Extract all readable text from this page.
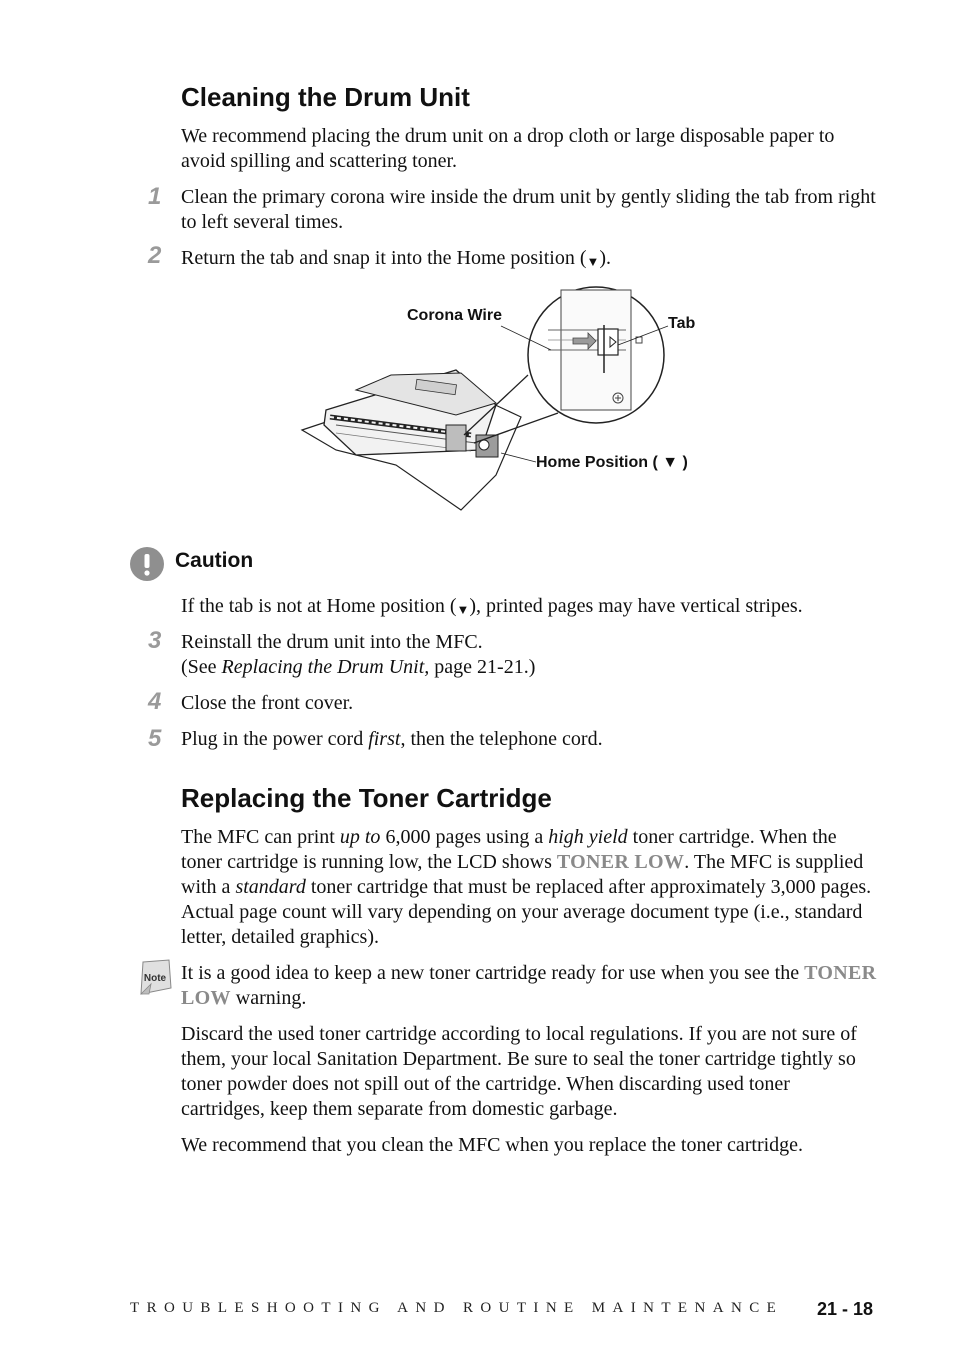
Cleaning the Drum Unit

We recommend placing the drum unit on a drop cloth or large disposable paper to avoid spilling and scattering toner.

1 Clean the primary corona wire inside the drum unit by gently sliding the tab from right to left several times.

2 Return the tab and snap it into the Home position (▼).

Corona Wire	Tab
Home Position ( ▼ )
Caution

If the tab is not at Home position (▼), printed pages may have vertical stripes.

3 Reinstall the drum unit into the MFC.
(See Replacing the Drum Unit, page 21-21.)

4 Close the front cover.

5 Plug in the power cord first, then the telephone cord.

Replacing the Toner Cartridge

The MFC can print up to 6,000 pages using a high yield toner cartridge. When the toner cartridge is running low, the LCD shows TONER LOW. The MFC is supplied with a standard toner cartridge that must be replaced after approximately 3,000 pages. Actual page count will vary depending on your average document type (i.e., standard letter, detailed graphics).

Note It is a good idea to keep a new toner cartridge ready for use when you see the TONER LOW warning.

Discard the used toner cartridge according to local regulations. If you are not sure of them, your local Sanitation Department. Be sure to seal the toner cartridge tightly so toner powder does not spill out of the cartridge. When discarding used toner cartridges, keep them separate from domestic garbage.

We recommend that you clean the MFC when you replace the toner cartridge.

TROUBLESHOOTING AND ROUTINE MAINTENANCE 21 - 18
